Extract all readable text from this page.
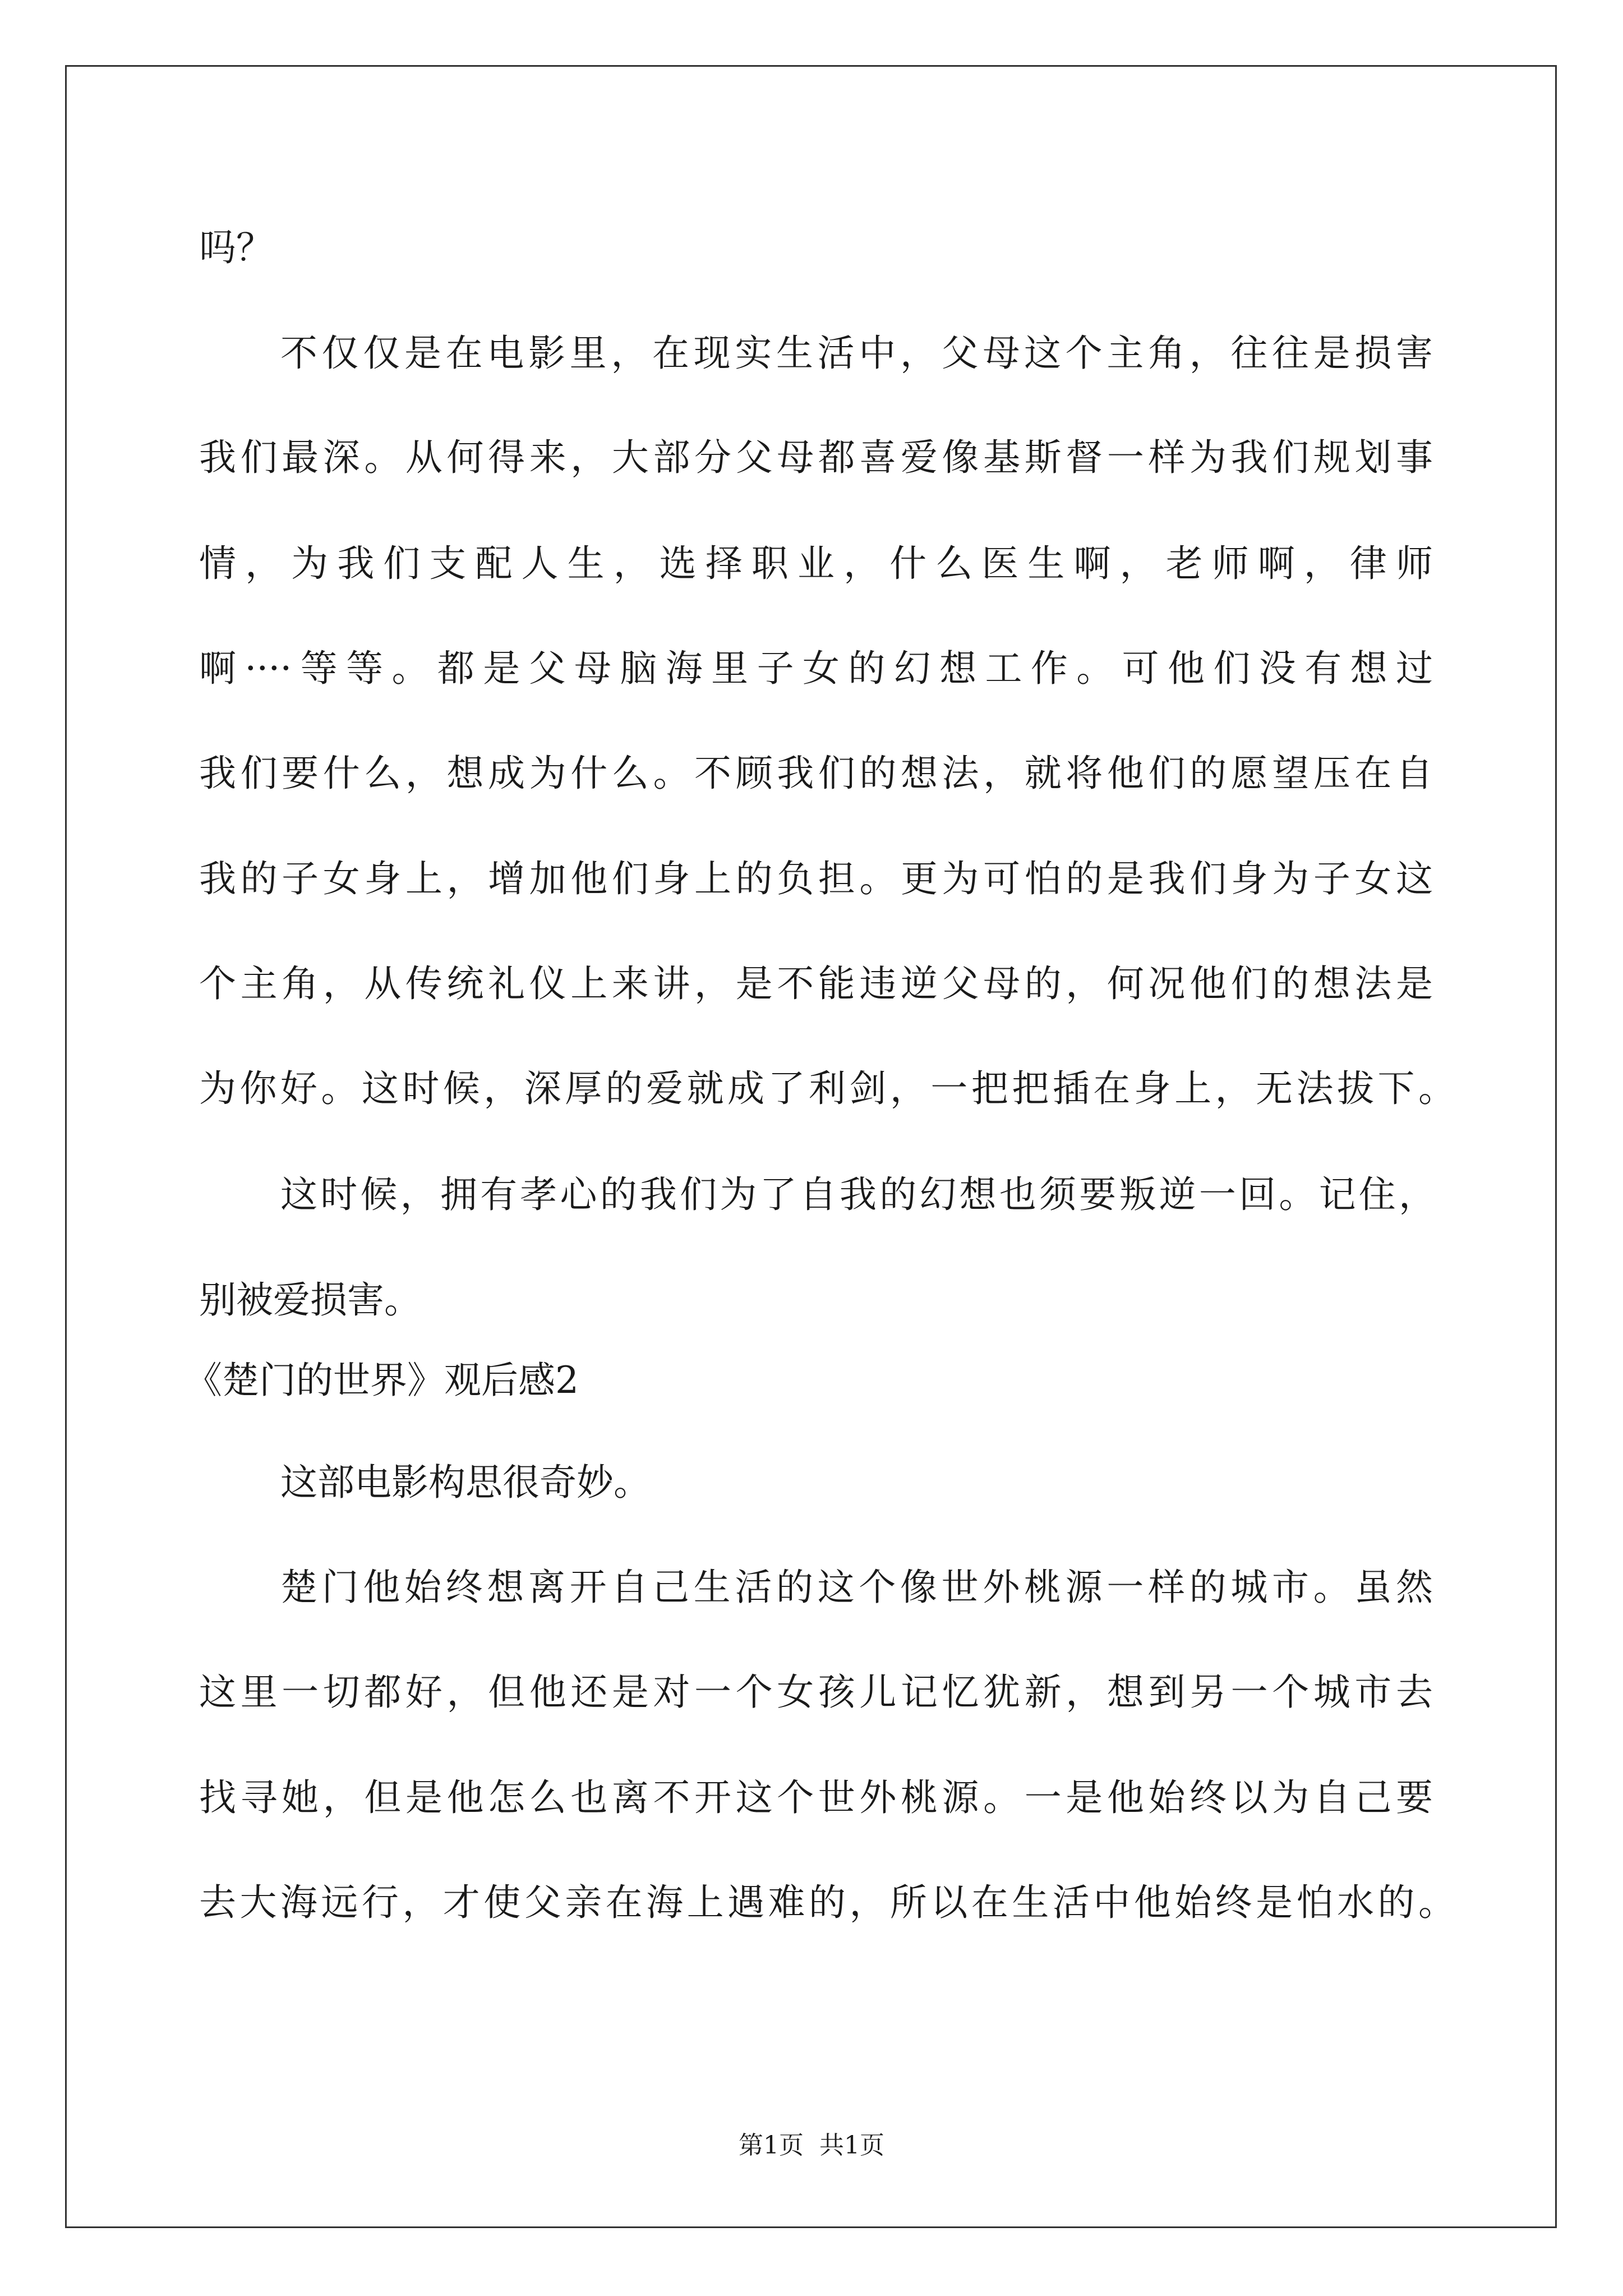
吗？
不仅仅是在电影里，在现实生活中，父母这个主角，往往是损害
我们最深。从何得来，大部分父母都喜爱像基斯督一样为我们规划事
情，为我们支配人生，选择职业，什么医生啊，老师啊，律师
啊····等等。都是父母脑海里子女的幻想工作。可他们没有想过
我们要什么，想成为什么。不顾我们的想法，就将他们的愿望压在自
我的子女身上，增加他们身上的负担。更为可怕的是我们身为子女这
个主角，从传统礼仪上来讲，是不能违逆父母的，何况他们的想法是
为你好。这时候，深厚的爱就成了利剑，一把把插在身上，无法拔下。
这时候，拥有孝心的我们为了自我的幻想也须要叛逆一回。记住，
别被爱损害。
《楚门的世界》观后感2
这部电影构思很奇妙。
楚门他始终想离开自己生活的这个像世外桃源一样的城市。虽然
这里一切都好，但他还是对一个女孩儿记忆犹新，想到另一个城市去
找寻她，但是他怎么也离不开这个世外桃源。一是他始终以为自己要
去大海远行，才使父亲在海上遇难的，所以在生活中他始终是怕水的。
第1页  共1页
